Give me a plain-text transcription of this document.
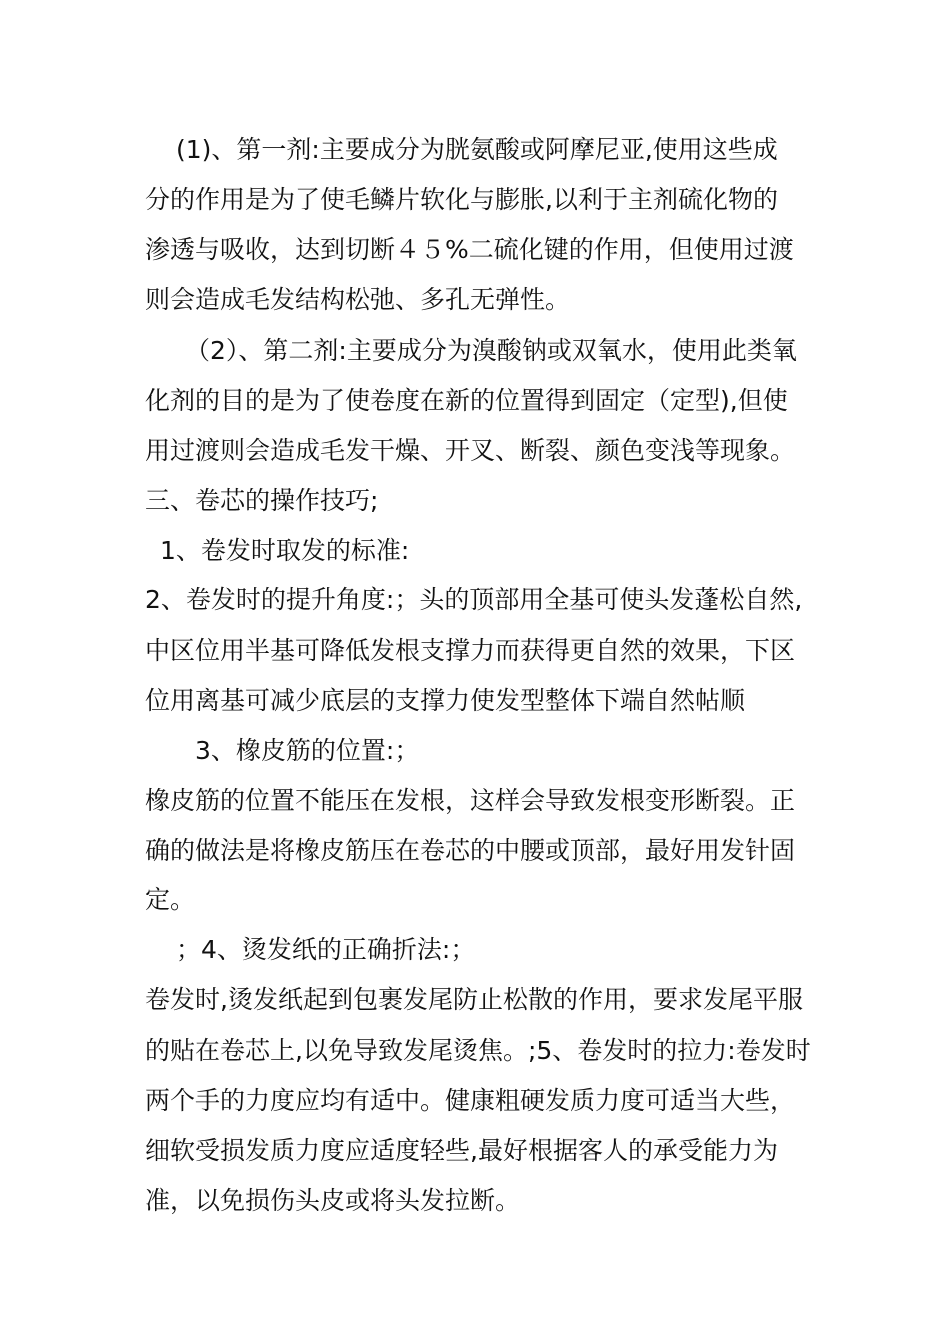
(1)、第一剂:主要成分为胱氨酸或阿摩尼亚,使用这些成
分的作用是为了使毛鳞片软化与膨胀,以利于主剂硫化物的
渗透与吸收，达到切断４５%二硫化键的作用，但使用过渡
则会造成毛发结构松弛、多孔无弹性。
（2）、第二剂:主要成分为溴酸钠或双氧水，使用此类氧
化剂的目的是为了使卷度在新的位置得到固定（定型),但使
用过渡则会造成毛发干燥、开叉、断裂、颜色变浅等现象。
三、卷芯的操作技巧;
1、卷发时取发的标准:
2、卷发时的提升角度:；头的顶部用全基可使头发蓬松自然,
中区位用半基可降低发根支撑力而获得更自然的效果，下区
位用离基可减少底层的支撑力使发型整体下端自然帖顺
3、橡皮筋的位置:；
橡皮筋的位置不能压在发根，这样会导致发根变形断裂。正
确的做法是将橡皮筋压在卷芯的中腰或顶部，最好用发针固
定。
；4、烫发纸的正确折法:；
卷发时,烫发纸起到包裹发尾防止松散的作用，要求发尾平服
的贴在卷芯上,以免导致发尾烫焦。;5、卷发时的拉力:卷发时
两个手的力度应均有适中。健康粗硬发质力度可适当大些，
细软受损发质力度应适度轻些,最好根据客人的承受能力为
准，以免损伤头皮或将头发拉断。
